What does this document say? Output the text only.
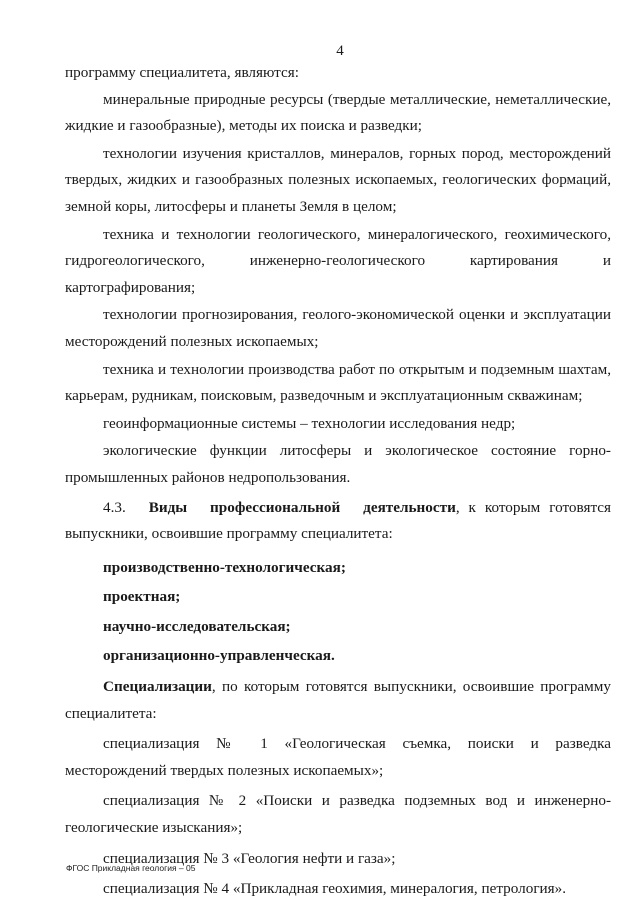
4

программу специалитета, являются:

минеральные природные ресурсы (твердые металлические, неметаллические, жидкие и газообразные), методы их поиска и разведки;

технологии изучения кристаллов, минералов, горных пород, месторождений твердых, жидких и газообразных полезных ископаемых, геологических формаций, земной коры, литосферы и планеты Земля в целом;

техника и технологии геологического, минералогического, геохимического,

гидрогеологического,	инженерно-геологического	картирования	и

картографирования;

технологии прогнозирования, геолого-экономической оценки и эксплуатации месторождений полезных ископаемых;

техника и технологии производства работ по открытым и подземным шахтам, карьерам, рудникам, поисковым, разведочным и эксплуатационным скважинам;

геоинформационные системы – технологии исследования недр;

экологические функции литосферы и экологическое состояние горно-промышленных районов недропользования.

4.3. Виды профессиональной деятельности, к которым готовятся выпускники, освоившие программу специалитета:

производственно-технологическая;

проектная;

научно-исследовательская;

организационно-управленческая.

Специализации, по которым готовятся выпускники, освоившие программу специалитета:

специализация № 1 «Геологическая съемка, поиски и разведка месторождений твердых полезных ископаемых»;

специализация № 2 «Поиски и разведка подземных вод и инженерно-геологические изыскания»;

специализация № 3 «Геология нефти и газа»;

специализация № 4 «Прикладная геохимия, минералогия, петрология».

ФГОС Прикладная геология – 05
